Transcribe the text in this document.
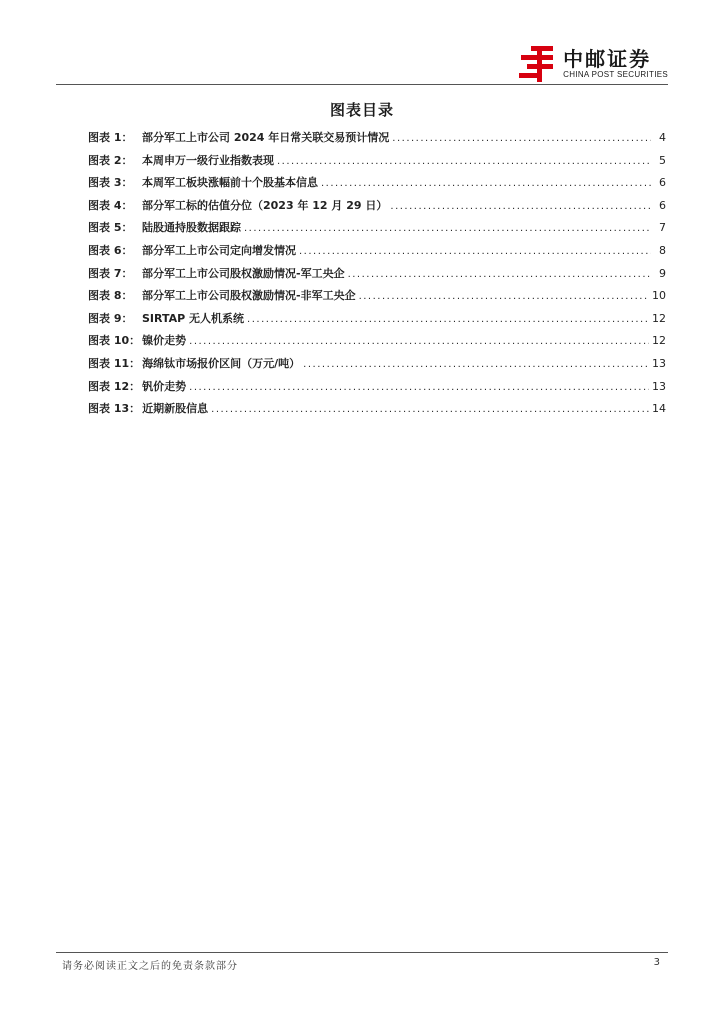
中邮证券
CHINA POST SECURITIES
图表目录
图表 1： 部分军工上市公司 2024 年日常关联交易预计情况 .....	4
图表 2： 本周申万一级行业指数表现 .....	5
图表 3： 本周军工板块涨幅前十个股基本信息 .....	6
图表 4： 部分军工标的估值分位（2023 年 12 月 29 日） .....	6
图表 5： 陆股通持股数据跟踪 .....	7
图表 6： 部分军工上市公司定向增发情况 .....	8
图表 7： 部分军工上市公司股权激励情况-军工央企 .....	9
图表 8： 部分军工上市公司股权激励情况-非军工央企 .....	10
图表 9： SIRTAP 无人机系统 .....	12
图表 10： 镍价走势 .....	12
图表 11： 海绵钛市场报价区间（万元/吨） .....	13
图表 12： 钒价走势 .....	13
图表 13： 近期新股信息 .....	14
请务必阅读正文之后的免责条款部分	3
